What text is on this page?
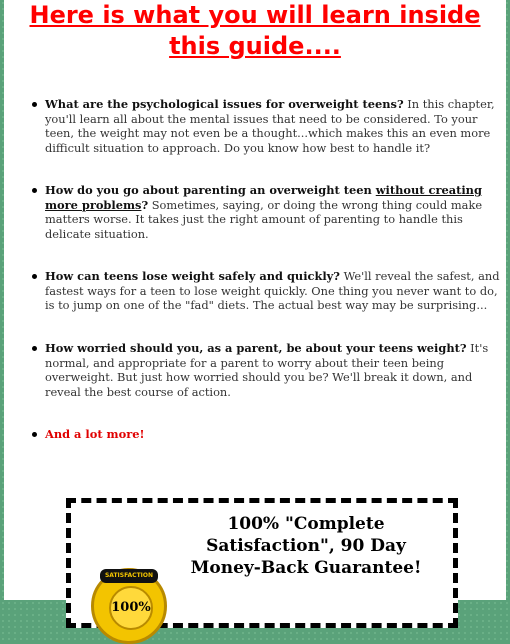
Here is what you will learn inside
this guide....
What are the psychological issues for overweight teens? In this chapter, you'll learn all about the mental issues that need to be considered. To your teen, the weight may not even be a thought...which makes this an even more difficult situation to approach. Do you know how best to handle it?
How do you go about parenting an overweight teen without creating more problems? Sometimes, saying, or doing the wrong thing could make matters worse. It takes just the right amount of parenting to handle this delicate situation.
How can teens lose weight safely and quickly? We'll reveal the safest, and fastest ways for a teen to lose weight quickly. One thing you never want to do, is to jump on one of the "fad" diets. The actual best way may be surprising...
How worried should you, as a parent, be about your teens weight? It's normal, and appropriate for a parent to worry about their teen being overweight. But just how worried should you be? We'll break it down, and reveal the best course of action.
And a lot more!
SATISFACTION
100%
100% "Complete
Satisfaction", 90 Day
Money-Back Guarantee!
